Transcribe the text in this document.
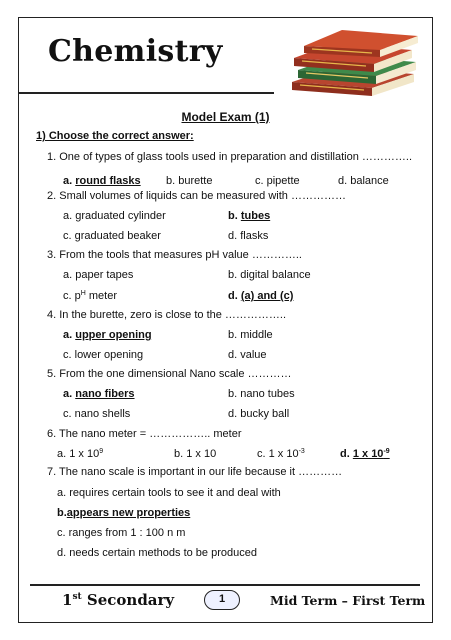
Chemistry
Model Exam (1)
1) Choose the correct answer:
1. One of types of glass tools used in preparation and distillation …………..
a. round flasks b. burette	c. pipette	d. balance
2. Small volumes of liquids can be measured with ……………
a. graduated cylinder	b. tubes
c. graduated beaker	d. flasks
3. From the tools that measures pH value …………..
a. paper tapes	b. digital balance
c. $p^H$ meter	d. (a) and (c)
4. In the burette, zero is close to the ……………..
a. upper opening	b. middle
c. lower opening	d. value
5. From the one dimensional Nano scale …………
a. nano fibers	b. nano tubes
c. nano shells	d. bucky ball
6. The nano meter = …………….. meter
a. 1 x $10^9$	b. 1 x 10	c. 1 x $10^{-3}$	d. 1 x $10^{-9}$
7. The nano scale is important in our life because it …………
a. requires certain tools to see it and deal with
b.appears new properties
c. ranges from 1 : 100 n m
d. needs certain methods to be produced
1st Secondary	1	Mid Term – First Term
